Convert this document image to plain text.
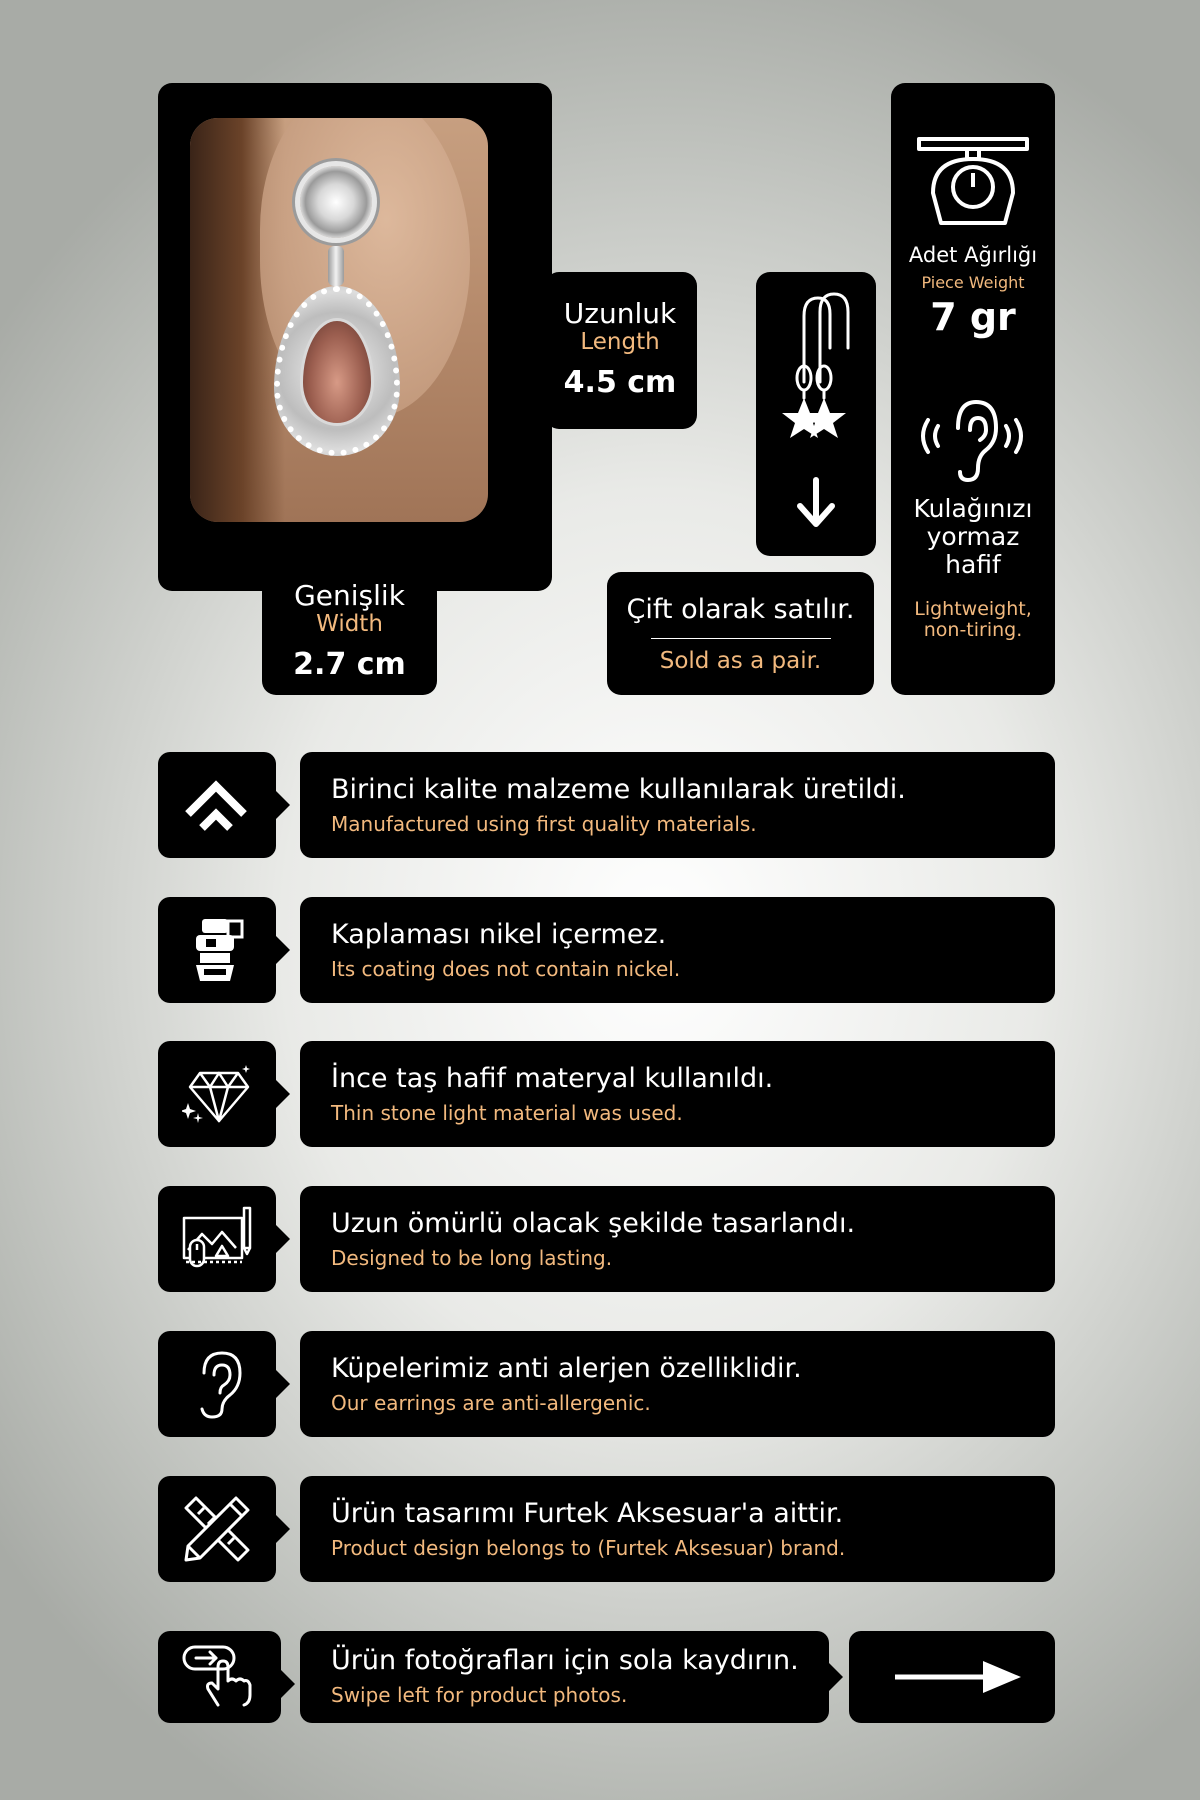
Uzunluk
Length
4.5 cm
Genişlik
Width
2.7 cm
Çift olarak satılır.
Sold as a pair.
Adet Ağırlığı
Piece Weight
7 gr
Kulağınızı yormaz hafif
Lightweight, non-tiring.
Birinci kalite malzeme kullanılarak üretildi.
Manufactured using first quality materials.
Kaplaması nikel içermez.
Its coating does not contain nickel.
İnce taş hafif materyal kullanıldı.
Thin stone light material was used.
Uzun ömürlü olacak şekilde tasarlandı.
Designed to be long lasting.
Küpelerimiz anti alerjen özelliklidir.
Our earrings are anti-allergenic.
Ürün tasarımı Furtek Aksesuar'a aittir.
Product design belongs to (Furtek Aksesuar) brand.
Ürün fotoğrafları için sola kaydırın.
Swipe left for product photos.
